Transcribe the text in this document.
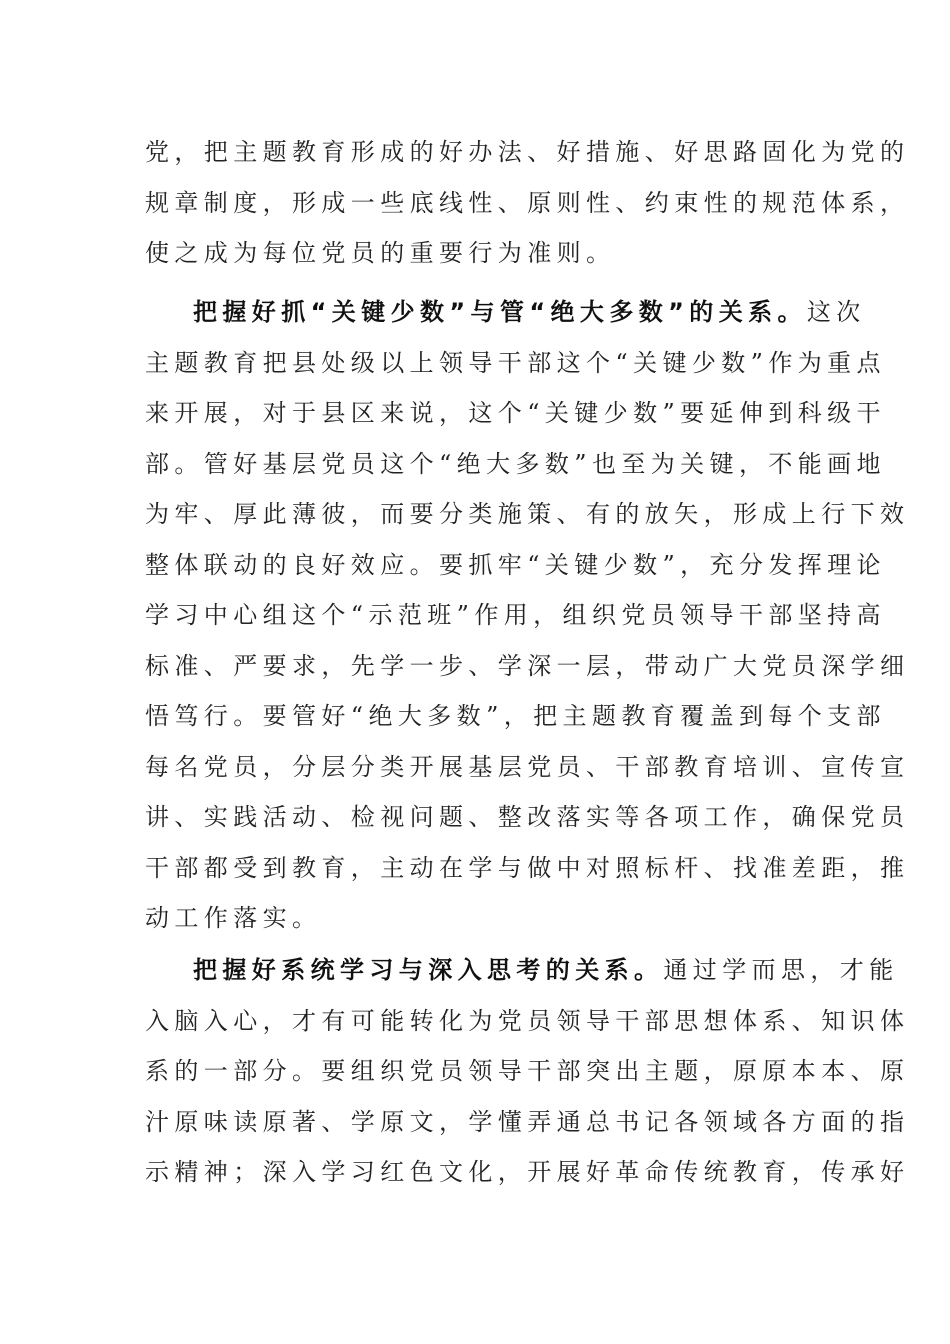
党，把主题教育形成的好办法、好措施、好思路固化为党的
规章制度，形成一些底线性、原则性、约束性的规范体系，
使之成为每位党员的重要行为准则。
把握好抓“关键少数”与管“绝大多数”的关系。这次
主题教育把县处级以上领导干部这个“关键少数”作为重点
来开展，对于县区来说，这个“关键少数”要延伸到科级干
部。管好基层党员这个“绝大多数”也至为关键，不能画地
为牢、厚此薄彼，而要分类施策、有的放矢，形成上行下效
整体联动的良好效应。要抓牢“关键少数”，充分发挥理论
学习中心组这个“示范班”作用，组织党员领导干部坚持高
标准、严要求，先学一步、学深一层，带动广大党员深学细
悟笃行。要管好“绝大多数”，把主题教育覆盖到每个支部
每名党员，分层分类开展基层党员、干部教育培训、宣传宣
讲、实践活动、检视问题、整改落实等各项工作，确保党员
干部都受到教育，主动在学与做中对照标杆、找准差距，推
动工作落实。
把握好系统学习与深入思考的关系。通过学而思，才能
入脑入心，才有可能转化为党员领导干部思想体系、知识体
系的一部分。要组织党员领导干部突出主题，原原本本、原
汁原味读原著、学原文，学懂弄通总书记各领域各方面的指
示精神；深入学习红色文化，开展好革命传统教育，传承好
